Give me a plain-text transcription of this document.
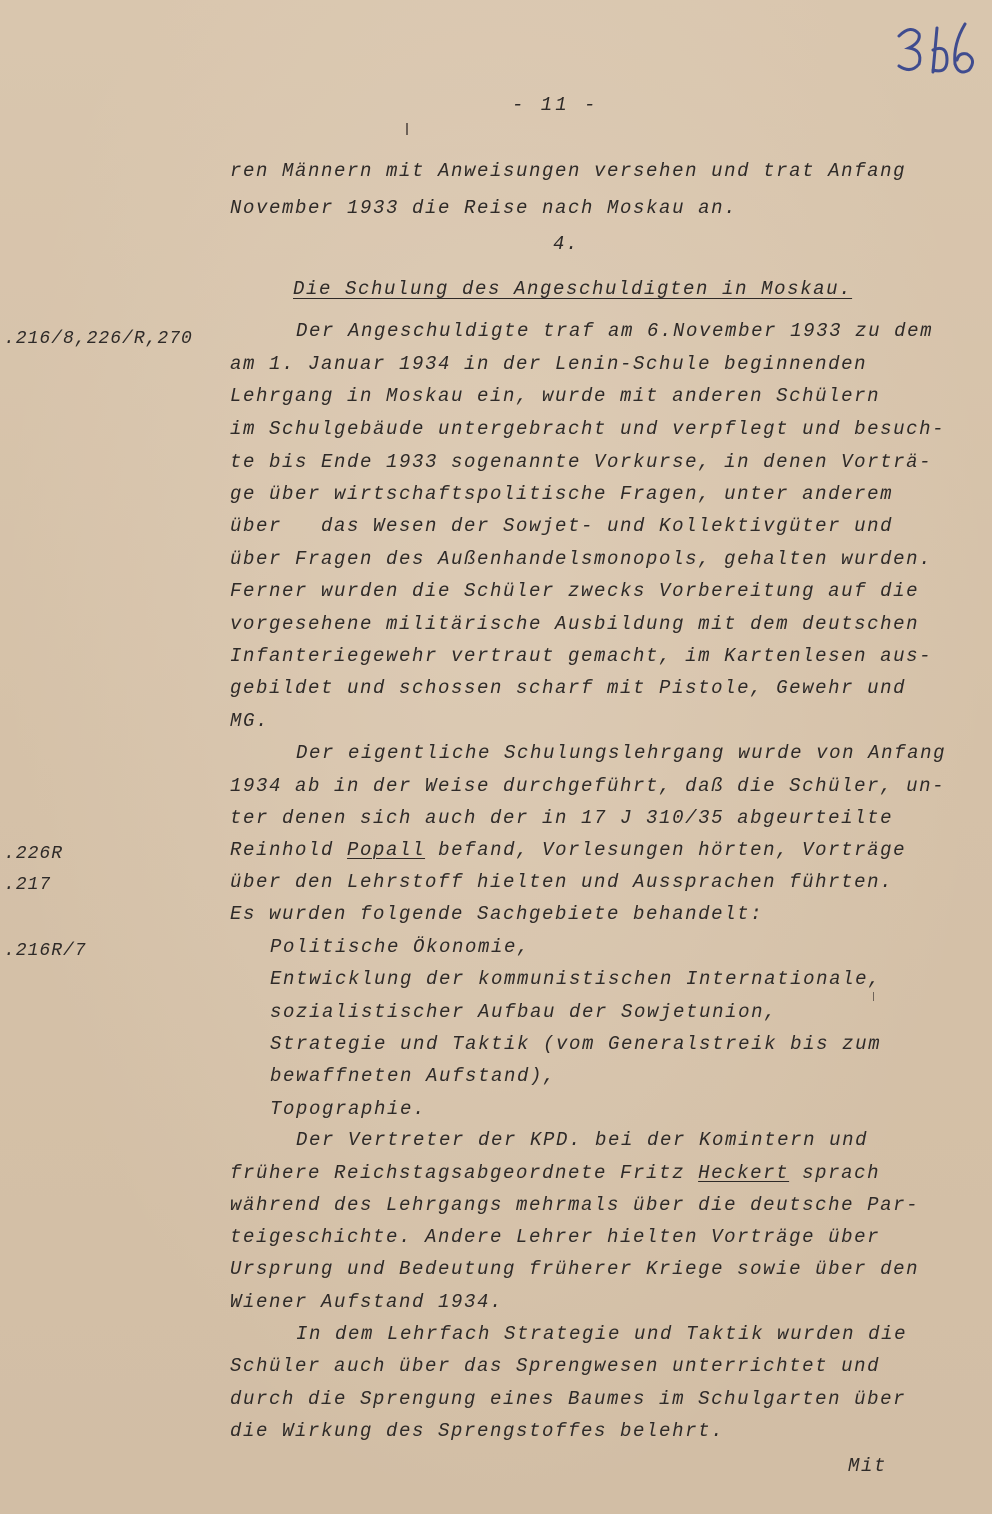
- 11 -
ren Männern mit Anweisungen versehen und trat Anfang
November 1933 die Reise nach Moskau an.
4.
Die Schulung des Angeschuldigten in Moskau.
.216/8,226/R,270	Der Angeschuldigte traf am 6.November 1933 zu dem
am 1. Januar 1934 in der Lenin-Schule beginnenden
Lehrgang in Moskau ein, wurde mit anderen Schülern
im Schulgebäude untergebracht und verpflegt und besuch-
te bis Ende 1933 sogenannte Vorkurse, in denen Vorträ-
ge über wirtschaftspolitische Fragen, unter anderem
über   das Wesen der Sowjet- und Kollektivgüter und
über Fragen des Außenhandelsmonopols, gehalten wurden.
Ferner wurden die Schüler zwecks Vorbereitung auf die
vorgesehene militärische Ausbildung mit dem deutschen
Infanteriegewehr vertraut gemacht, im Kartenlesen aus-
gebildet und schossen scharf mit Pistole, Gewehr und
MG.
Der eigentliche Schulungslehrgang wurde von Anfang
1934 ab in der Weise durchgeführt, daß die Schüler, un-
ter denen sich auch der in 17 J 310/35 abgeurteilte
.226R	Reinhold Popall befand, Vorlesungen hörten, Vorträge
.217	über den Lehrstoff hielten und Aussprachen führten.
Es wurden folgende Sachgebiete behandelt:
.216R/7	Politische Ökonomie,
Entwicklung der kommunistischen Internationale,
sozialistischer Aufbau der Sowjetunion,
Strategie und Taktik (vom Generalstreik bis zum
bewaffneten Aufstand),
Topographie.
Der Vertreter der KPD. bei der Komintern und
frühere Reichstagsabgeordnete Fritz Heckert sprach
während des Lehrgangs mehrmals über die deutsche Par-
teigeschichte. Andere Lehrer hielten Vorträge über
Ursprung und Bedeutung früherer Kriege sowie über den
Wiener Aufstand 1934.
In dem Lehrfach Strategie und Taktik wurden die
Schüler auch über das Sprengwesen unterrichtet und
durch die Sprengung eines Baumes im Schulgarten über
die Wirkung des Sprengstoffes belehrt.
Mit
